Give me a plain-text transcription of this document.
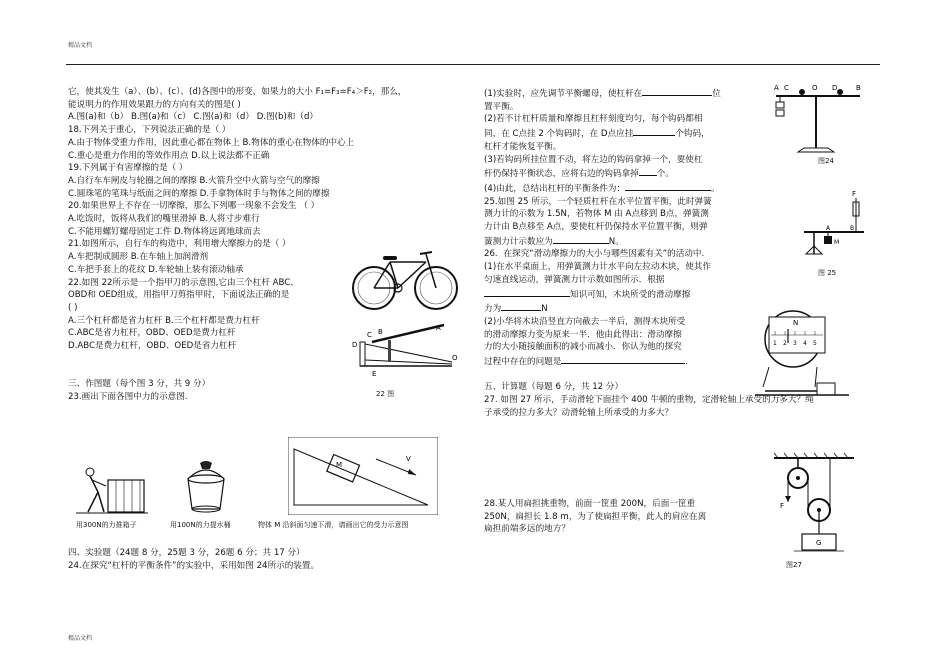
精品文档
它，使其发生（a）、(b）、(c）、(d)各图中的形变，如果力的大小 F₁=F₃=F₄＞F₂，那么，
能说明力的作用效果跟力的方向有关的图是( )
A.图(a)和（b） B.图(a)和（c） C.图(a)和（d） D.图(b)和（d）
18.下列关于重心，下列说法正确的是（ ）
A.由于物体受重力作用，因此重心都在物体上 B.物体的重心在物体的中心上
C.重心是重力作用的等效作用点 D.以上说法都不正确
19.下列属于有害摩擦的是（ ）
A.自行车车闸皮与轮圈之间的摩擦 B.火箭升空中火箭与空气的摩擦
C.圆珠笔的笔珠与纸面之间的摩擦 D.手拿物体时手与物体之间的摩擦
20.如果世界上不存在一切摩擦，那么下列哪一现象不会发生 （ ）
A.吃饭时，饭将从我们的嘴里滑掉 B.人将寸步难行
C.不能用螺钉螺母固定工件 D.物体将远离地球而去
21.如图所示，自行车的构造中，利用增大摩擦力的是（ ）
A.车把制成圆形 B.在车轴上加润滑剂
C.车把手套上的花纹 D.车轮轴上装有滚动轴承
22.如图 22所示是一个指甲刀的示意图,它由三个杠杆 ABC、
OBD和 OED组成，用指甲刀剪指甲时，下面说法正确的是
( )
A.三个杠杆都是省力杠杆 B.三个杠杆都是费力杠杆
C.ABC是省力杠杆，OBD、OED是费力杠杆
D.ABC是费力杠杆，OBD、OED是省力杠杆
三、作图题（每个图 3 分，共 9 分）
23.画出下面各图中力的示意图.
四、实验题（24题 8 分，25题 3 分，26题 6 分；共 17 分）
24.在探究“杠杆的平衡条件”的实验中，采用如图 24所示的装置。
C B
D
O
A
E
22 图
用300N的力推箱子	用100N的力提水桶
M
V
物体 M 沿斜面匀速下滑，请画出它的受力示意图
(1)实验时，应先调节平衡螺母，使杠杆在	位
置平衡。
(2)若不计杠杆质量和摩擦且杠杆刻度均匀，每个钩码都相
同，在 C点挂 2 个钩码时，在 D点应挂	个钩码，
杠杆才能恢复平衡。
(3)若钩码所挂位置不动，将左边的钩码拿掉一个，要使杠
杆仍保持平衡状态，应将右边的钩码拿掉 个。
(4)由此，总结出杠杆的平衡条件为：	。
25.如图 25 所示，一个轻质杠杆在水平位置平衡，此时弹簧
测力计的示数为 1.5N，若物体 M 由 A点移到 B点，弹簧测
力计由 B点移至 A点，要使杠杆仍保持水平位置平衡，则弹
簧测力计示数应为	N。
26．在探究“滑动摩擦力的大小与哪些因素有关”的活动中.
(1)在水平桌面上，用弹簧测力计水平向左拉动木块，使其作
匀速直线运动，弹簧测力计示数如图所示．根据
知识可知，木块所受的滑动摩擦
力为	N
(2)小华将木块沿竖直方向截去一半后，测得木块所受
的滑动摩擦力变为原来一半．他由此得出：滑动摩擦
力的大小随接触面积的减小而减小．你认为他的探究
过程中存在的问题是	．
五、计算题（每题 6 分，共 12 分）
27. 如图 27 所示，手动滑轮下面挂个 400 牛顿的重物，定滑轮轴上承受的力多大？绳
子承受的拉力多大？动滑轮轴上所承受的力多大？
28.某人用扁担挑重物，前面一筐重 200N，后面一筐重
250N，扁担长 1.8 m，为了使扁担平衡，此人的肩应在离
扁担前端多远的地方？
A C	O D	B
图24
F
A	B
M
图 25
N
1 2 3 4 5
F
G
图27
精品文档
